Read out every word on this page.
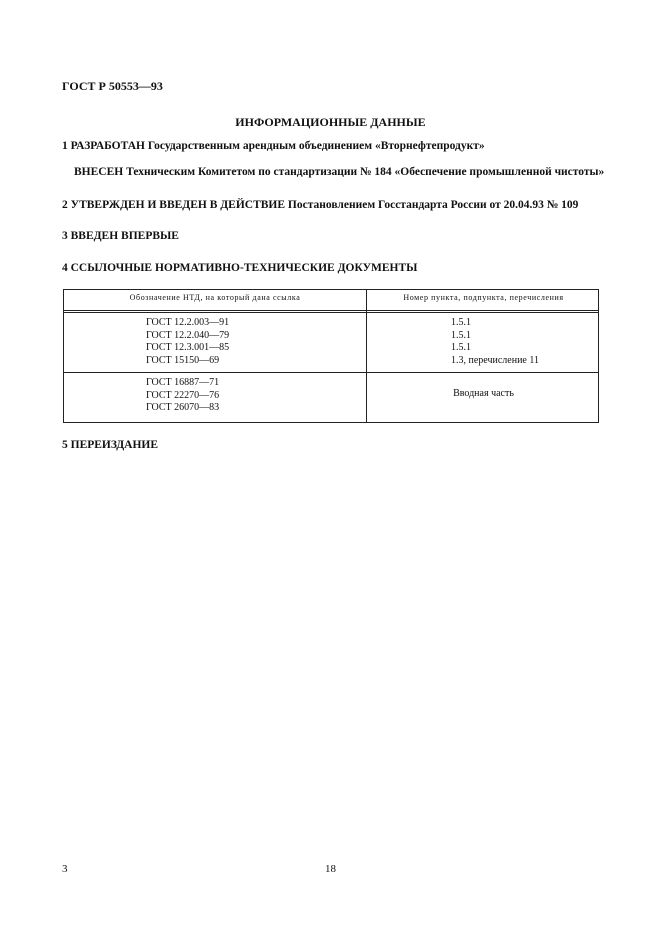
ГОСТ Р 50553—93
ИНФОРМАЦИОННЫЕ ДАННЫЕ
1 РАЗРАБОТАН Государственным арендным объединением «Вторнефтепродукт»
ВНЕСЕН Техническим Комитетом по стандартизации № 184 «Обеспечение промышленной чистоты»
2 УТВЕРЖДЕН И ВВЕДЕН В ДЕЙСТВИЕ Постановлением Госстандарта России от 20.04.93 № 109
3 ВВЕДЕН ВПЕРВЫЕ
4 ССЫЛОЧНЫЕ НОРМАТИВНО-ТЕХНИЧЕСКИЕ ДОКУМЕНТЫ
Обозначение НТД, на который дана ссылка	Номер пункта, подпункта, перечисления
ГОСТ 12.2.003—91
ГОСТ 12.2.040—79
ГОСТ 12.3.001—85
ГОСТ 15150—69
1.5.1
1.5.1
1.5.1
1.3, перечисление 11
ГОСТ 16887—71
ГОСТ 22270—76
ГОСТ 26070—83
Вводная часть
5 ПЕРЕИЗДАНИЕ
3	18
